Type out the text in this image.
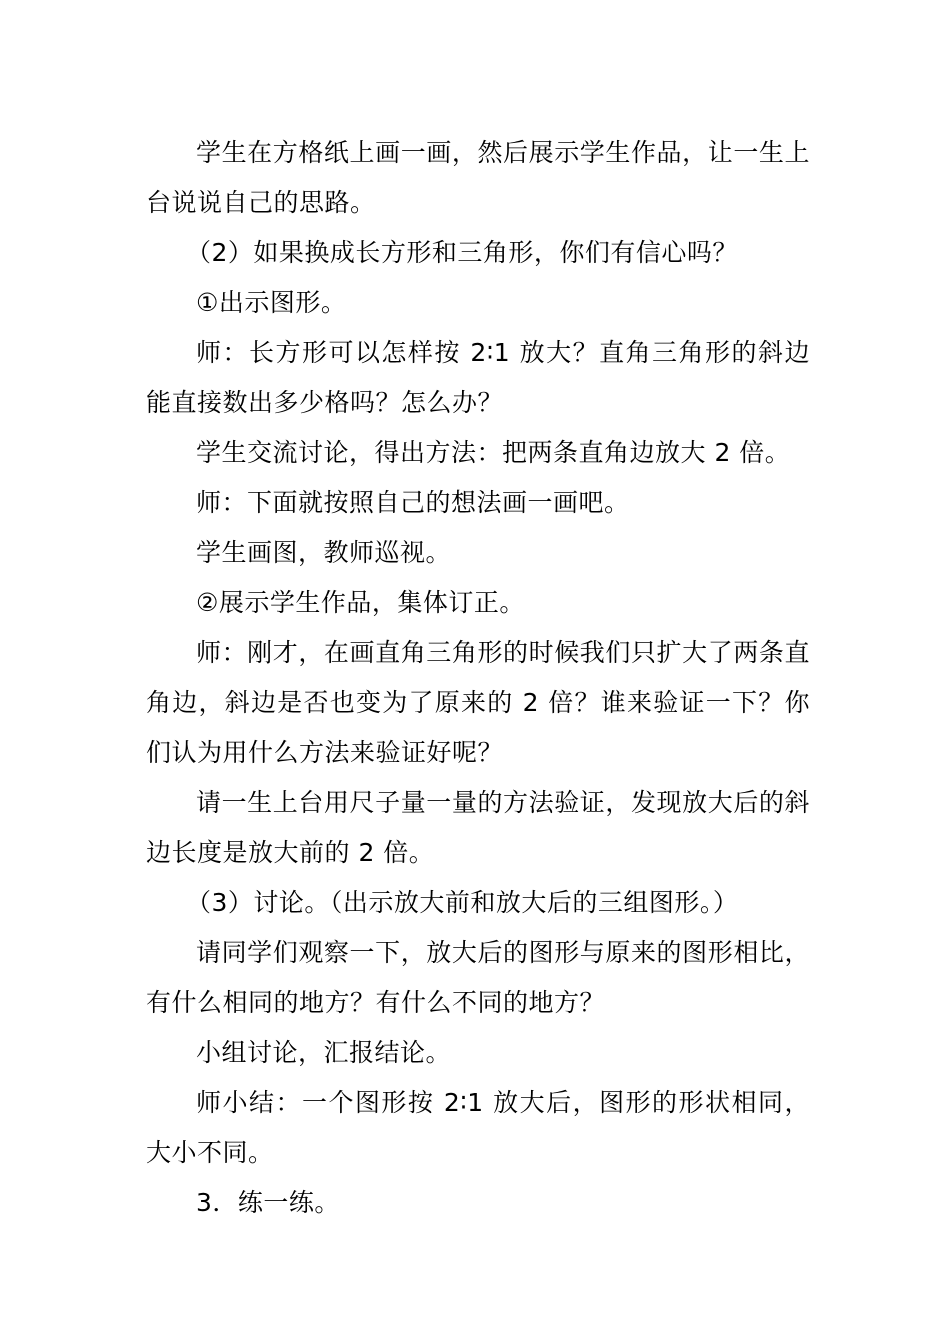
学生在方格纸上画一画，然后展示学生作品，让一生上台说说自己的思路。

（2）如果换成长方形和三角形，你们有信心吗？

①出示图形。

师：长方形可以怎样按 2∶1 放大？直角三角形的斜边能直接数出多少格吗？怎么办？

学生交流讨论，得出方法：把两条直角边放大 2 倍。

师：下面就按照自己的想法画一画吧。

学生画图，教师巡视。

②展示学生作品，集体订正。

师：刚才，在画直角三角形的时候我们只扩大了两条直角边，斜边是否也变为了原来的 2 倍？谁来验证一下？你们认为用什么方法来验证好呢？

请一生上台用尺子量一量的方法验证，发现放大后的斜边长度是放大前的 2 倍。

（3）讨论。（出示放大前和放大后的三组图形。）

请同学们观察一下，放大后的图形与原来的图形相比，有什么相同的地方？有什么不同的地方？

小组讨论，汇报结论。

师小结：一个图形按 2∶1 放大后，图形的形状相同，大小不同。

3．练一练。
